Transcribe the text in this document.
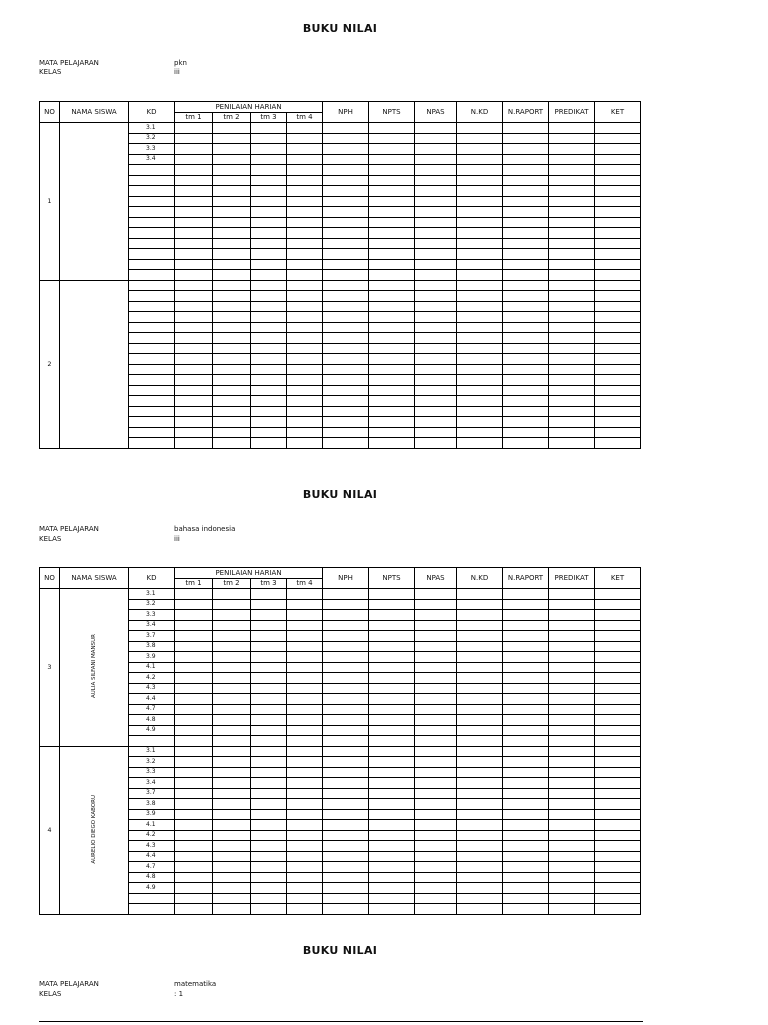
BUKU NILAI
MATA PELAJARAN	pkn
KELAS	iii
NO	NAMA SISWA	KD	PENILAIAN HARIAN				NPH	NPTS	NPAS	N.KD	N.RAPORT	PREDIKAT	KET
			tm 1	tm 2	tm 3	tm 4							
1		3.1											
		3.2											
		3.3											
		3.4											

2													

BUKU NILAI
MATA PELAJARAN	bahasa indonesia
KELAS	iii
NO	NAMA SISWA	KD	PENILAIAN HARIAN				NPH	NPTS	NPAS	N.KD	N.RAPORT	PREDIKAT	KET
			tm 1	tm 2	tm 3	tm 4							
3	AULIA SILFANI MANSUR	3.1											
		3.2											
		3.3											
		3.4											
		3.7											
		3.8											
		3.9											
		4.1											
		4.2											
		4.3											
		4.4											
		4.7											
		4.8											
		4.9											

4	AURELIO DIEGO KABORU	3.1											
		3.2											
		3.3											
		3.4											
		3.7											
		3.8											
		3.9											
		4.1											
		4.2											
		4.3											
		4.4											
		4.7											
		4.8											
		4.9											

BUKU NILAI
MATA PELAJARAN	matematika
KELAS	: 1
